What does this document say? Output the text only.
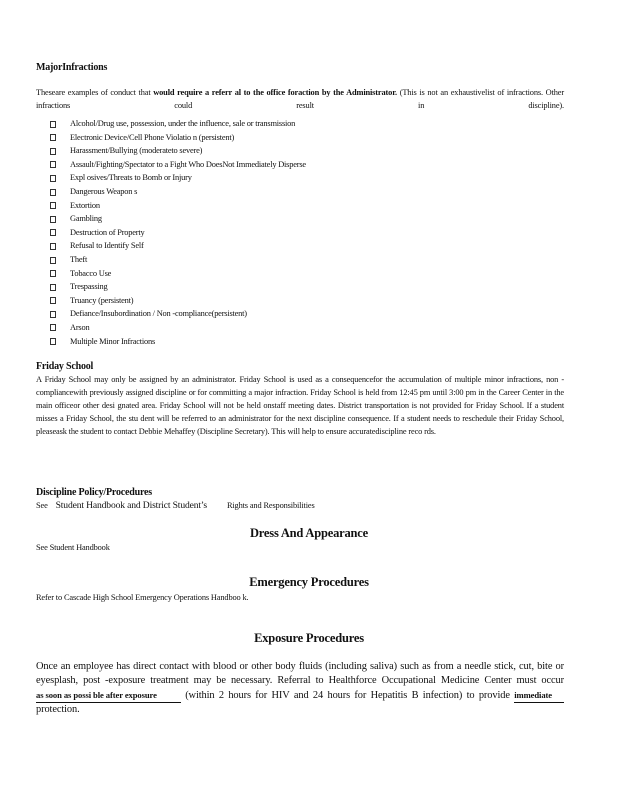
MajorInfractions
Theseare examples of conduct that would require a referr al to the office foraction by the Administrator. (This is not an exhaustivelist of infractions. Other infractions could result in discipline).
Alcohol/Drug use, possession, under the influence, sale or transmission
Electronic Device/Cell Phone Violatio n (persistent)
Harassment/Bullying (moderateto severe)
Assault/Fighting/Spectator to a Fight Who DoesNot Immediately Disperse
Expl osives/Threats to Bomb or Injury
Dangerous Weapon s
Extortion
Gambling
Destruction of Property
Refusal to Identify Self
Theft
Tobacco Use
Trespassing
Truancy (persistent)
Defiance/Insubordination / Non -compliance(persistent)
Arson
Multiple Minor Infractions
Friday School
A Friday School may only be assigned by an administrator. Friday School is used as a consequencefor the accumulation of multiple minor infractions, non -compliancewith previously assigned discipline or for committing a major infraction. Friday School is held from 12:45 pm until 3:00 pm in the Career Center in the main officeor other desi gnated area. Friday School will not be held onstaff meeting dates. District transportation is not provided for Friday School. If a student misses a Friday School, the stu dent will be referred to an administrator for the next discipline consequence. If a student needs to reschedule their Friday School, pleaseask the student to contact Debbie Mehaffey (Discipline Secretary). This will help to ensure accuratediscipline reco rds.
Discipline Policy/Procedures
See Student Handbook and District Student’s Rights and Responsibilities
Dress And Appearance
See Student Handbook
Emergency Procedures
Refer to Cascade High School Emergency Operations Handboo k.
Exposure Procedures
Once an employee has direct contact with blood or other body fluids (including saliva) such as from a needle stick, cut, bite or eyesplash, post -exposure treatment may be necessary. Referral to Healthforce Occupational Medicine Center must occur as soon as possi ble after exposure	(within 2 hours for HIV and 24 hours for Hepatitis B infection) to provide immediate protection.
